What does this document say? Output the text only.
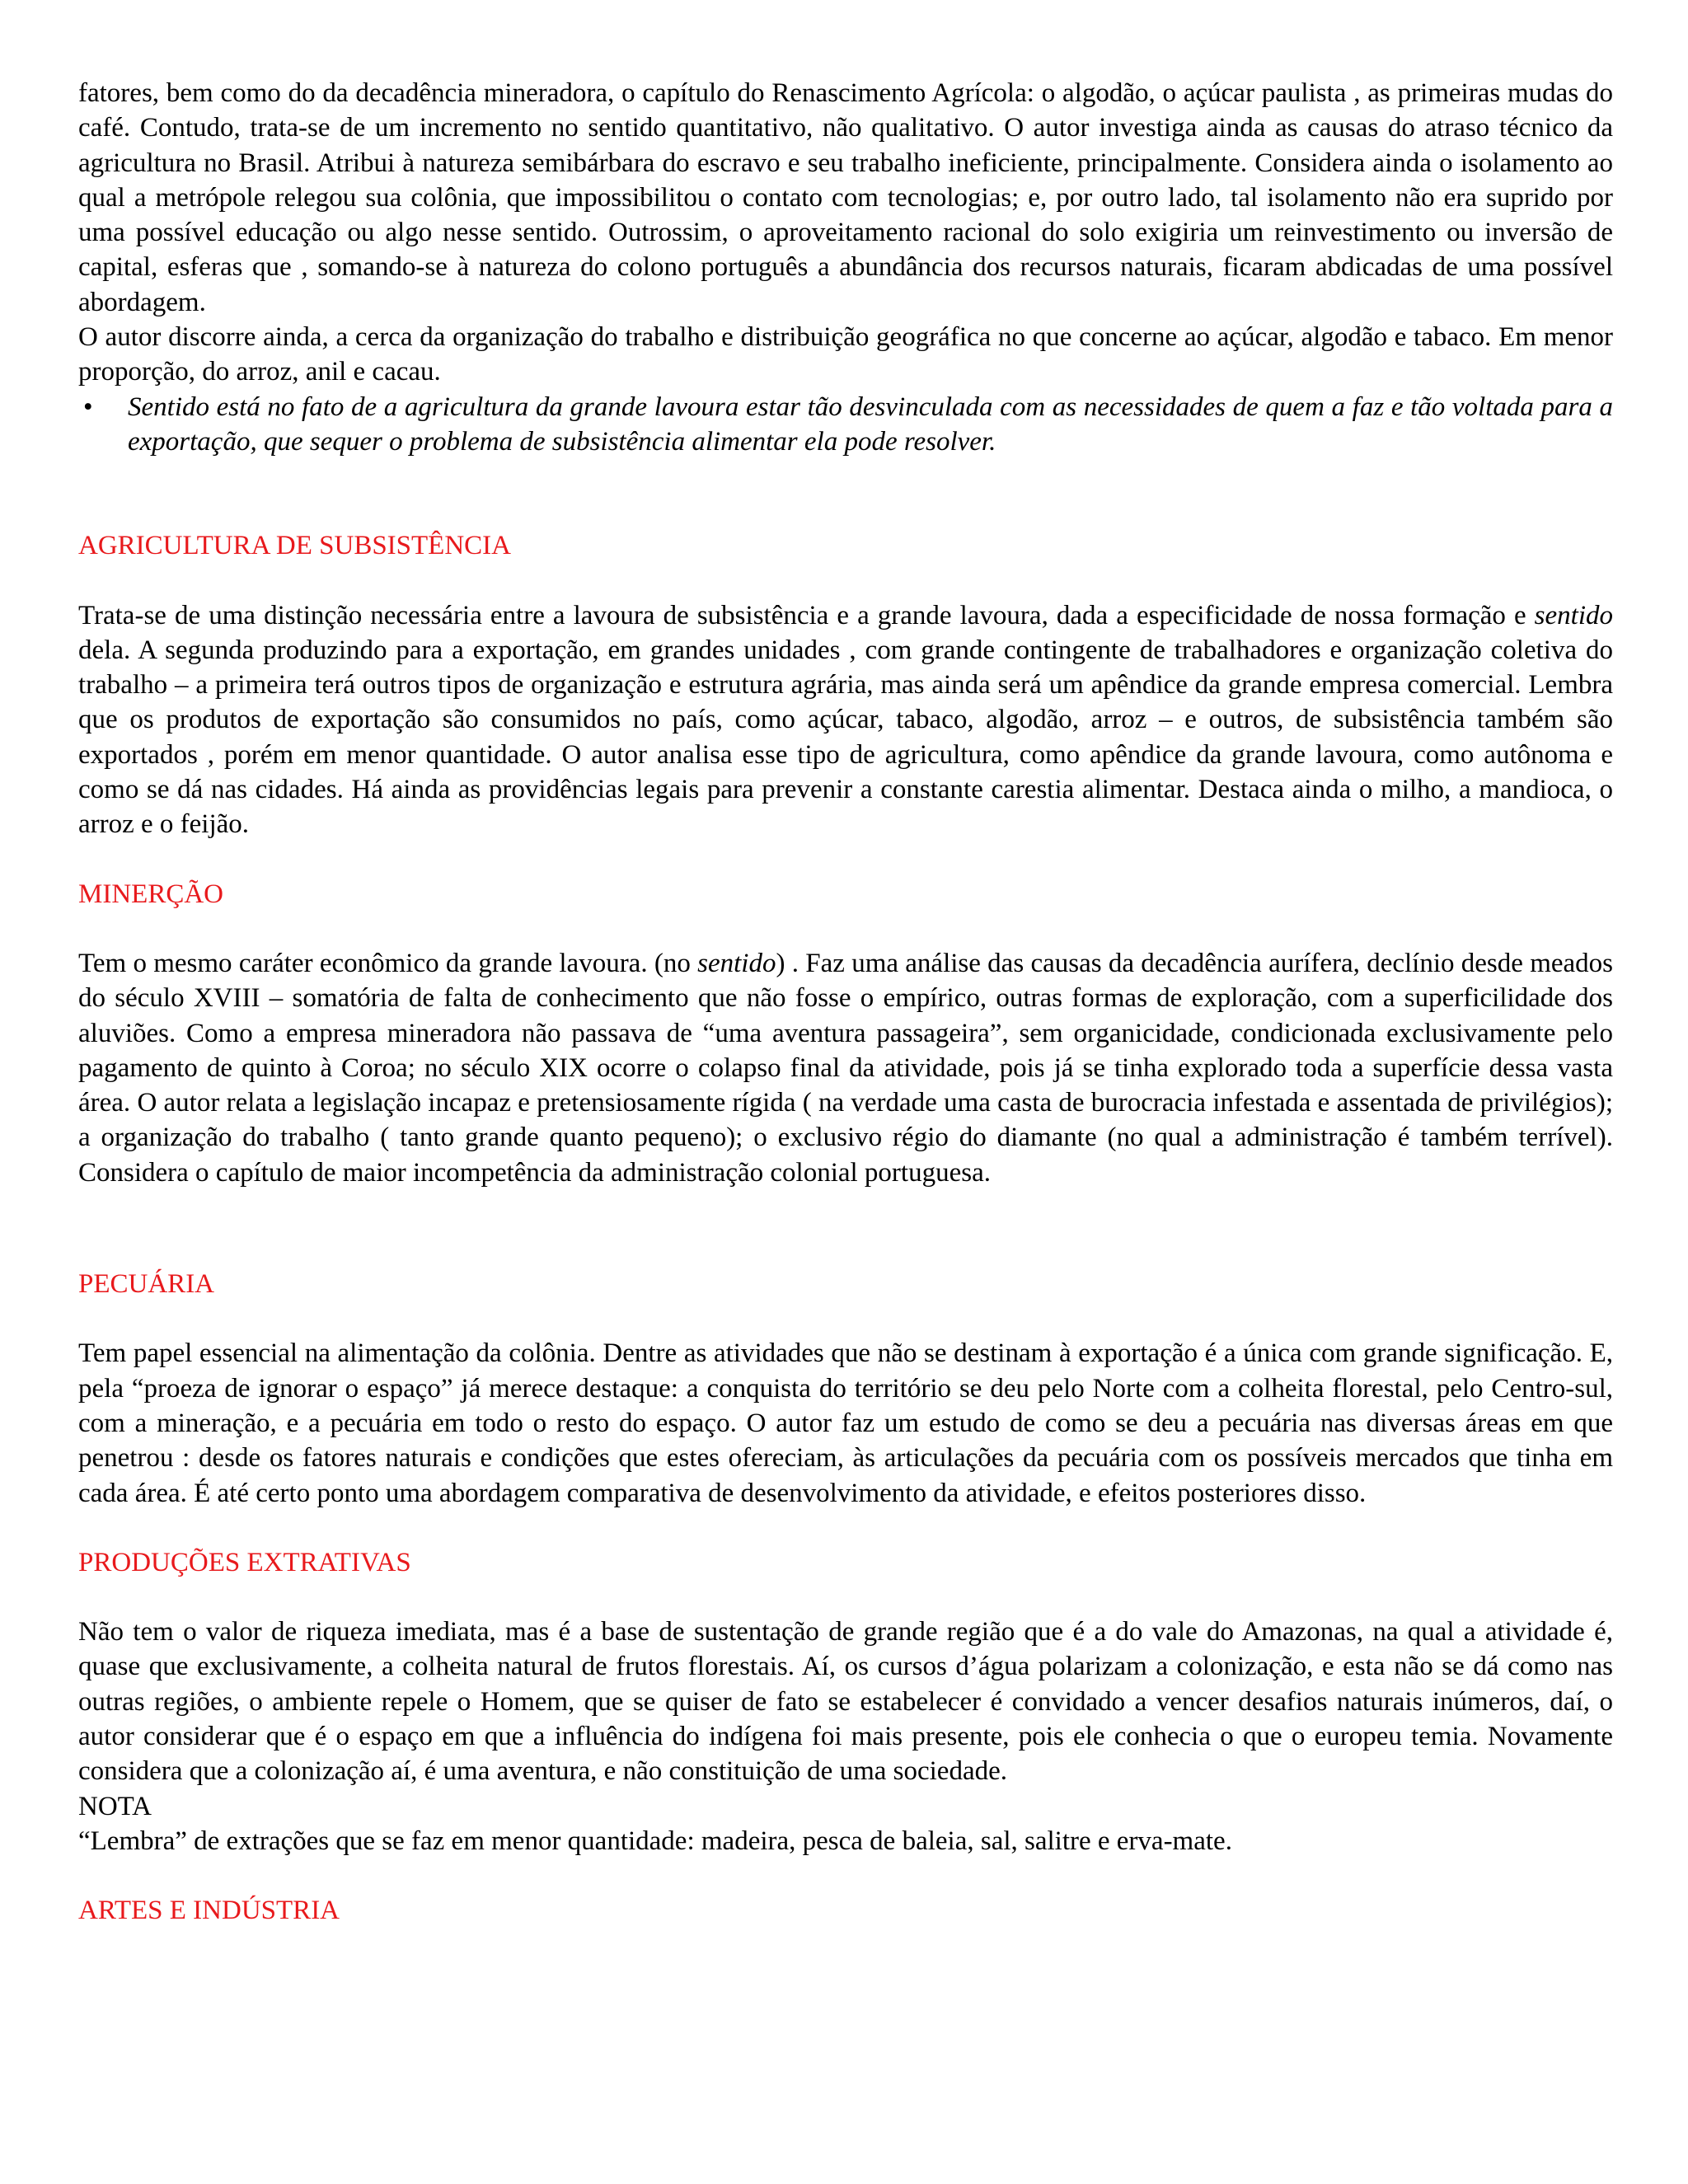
fatores, bem como do da decadência mineradora, o capítulo do Renascimento Agrícola: o algodão, o açúcar paulista , as primeiras mudas do café. Contudo, trata-se de um incremento no sentido quantitativo, não qualitativo. O autor investiga ainda as causas do atraso técnico da agricultura no Brasil. Atribui à natureza semibárbara do escravo e seu trabalho ineficiente, principalmente. Considera ainda o isolamento ao qual a metrópole relegou sua colônia, que impossibilitou o contato com tecnologias; e, por outro lado, tal isolamento não era suprido por uma possível educação ou algo nesse sentido. Outrossim, o aproveitamento racional do solo exigiria um reinvestimento ou inversão de capital, esferas que , somando-se à natureza do colono português a abundância dos recursos naturais, ficaram abdicadas de uma possível abordagem.

O autor discorre ainda, a cerca da organização do trabalho e distribuição geográfica no que concerne ao açúcar, algodão e tabaco. Em menor proporção, do arroz, anil e cacau.

• Sentido está no fato de a agricultura da grande lavoura estar tão desvinculada com as necessidades de quem a faz e tão voltada para a exportação, que sequer o problema de subsistência alimentar ela pode resolver.
AGRICULTURA DE SUBSISTÊNCIA

Trata-se de uma distinção necessária entre a lavoura de subsistência e a grande lavoura, dada a especificidade de nossa formação e sentido dela. A segunda produzindo para a exportação, em grandes unidades , com grande contingente de trabalhadores e organização coletiva do trabalho – a primeira terá outros tipos de organização e estrutura agrária, mas ainda será um apêndice da grande empresa comercial. Lembra que os produtos de exportação são consumidos no país, como açúcar, tabaco, algodão, arroz – e outros, de subsistência também são exportados , porém em menor quantidade. O autor analisa esse tipo de agricultura, como apêndice da grande lavoura, como autônoma e como se dá nas cidades. Há ainda as providências legais para prevenir a constante carestia alimentar. Destaca ainda o milho, a mandioca, o arroz e o feijão.

MINERÇÃO

Tem o mesmo caráter econômico da grande lavoura. (no sentido) . Faz uma análise das causas da decadência aurífera, declínio desde meados do século XVIII – somatória de falta de conhecimento que não fosse o empírico, outras formas de exploração, com a superficilidade dos aluviões. Como a empresa mineradora não passava de “uma aventura passageira”, sem organicidade, condicionada exclusivamente pelo pagamento de quinto à Coroa; no século XIX ocorre o colapso final da atividade, pois já se tinha explorado toda a superfície dessa vasta área. O autor relata a legislação incapaz e pretensiosamente rígida ( na verdade uma casta de burocracia infestada e assentada de privilégios); a organização do trabalho ( tanto grande quanto pequeno); o exclusivo régio do diamante (no qual a administração é também terrível). Considera o capítulo de maior incompetência da administração colonial portuguesa.

PECUÁRIA

Tem papel essencial na alimentação da colônia. Dentre as atividades que não se destinam à exportação é a única com grande significação. E, pela “proeza de ignorar o espaço” já merece destaque: a conquista do território se deu pelo Norte com a colheita florestal, pelo Centro-sul, com a mineração, e a pecuária em todo o resto do espaço. O autor faz um estudo de como se deu a pecuária nas diversas áreas em que penetrou : desde os fatores naturais e condições que estes ofereciam, às articulações da pecuária com os possíveis mercados que tinha em cada área. É até certo ponto uma abordagem comparativa de desenvolvimento da atividade, e efeitos posteriores disso.

PRODUÇÕES EXTRATIVAS

Não tem o valor de riqueza imediata, mas é a base de sustentação de grande região que é a do vale do Amazonas, na qual a atividade é, quase que exclusivamente, a colheita natural de frutos florestais. Aí, os cursos d’água polarizam a colonização, e esta não se dá como nas outras regiões, o ambiente repele o Homem, que se quiser de fato se estabelecer é convidado a vencer desafios naturais inúmeros, daí, o autor considerar que é o espaço em que a influência do indígena foi mais presente, pois ele conhecia o que o europeu temia. Novamente considera que a colonização aí, é uma aventura, e não constituição de uma sociedade.

NOTA

“Lembra” de extrações que se faz em menor quantidade: madeira, pesca de baleia, sal, salitre e erva-mate.

ARTES E INDÚSTRIA
